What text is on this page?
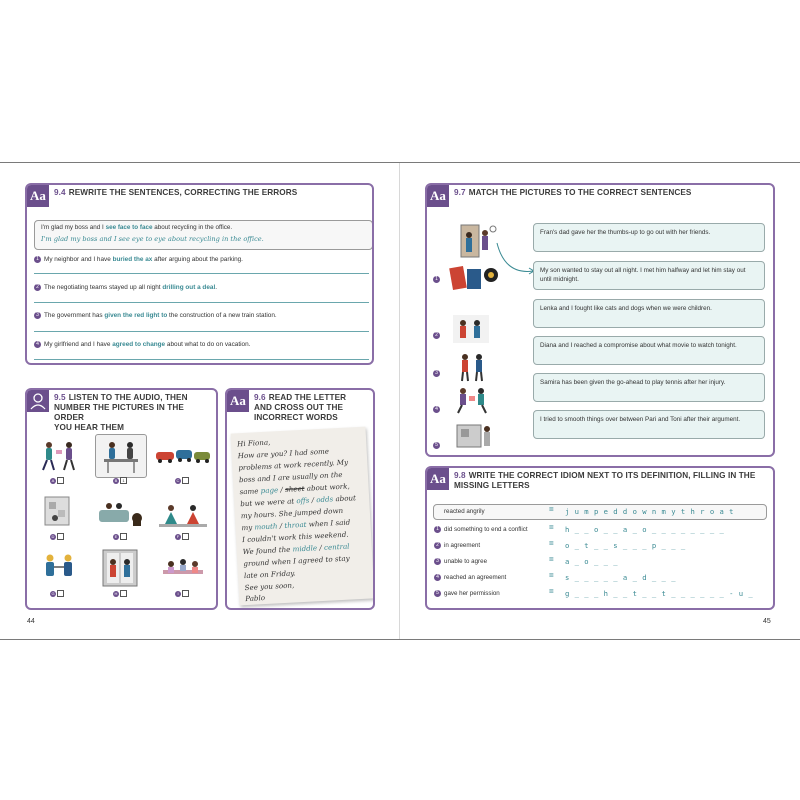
Aa 9.4 REWRITE THE SENTENCES, CORRECTING THE ERRORS
I'm glad my boss and I see face to face about recycling in the office.
I'm glad my boss and I see eye to eye about recycling in the office.
1 My neighbor and I have buried the ax after arguing about the parking.
2 The negotiating teams stayed up all night drilling out a deal.
3 The government has given the red light to the construction of a new train station.
4 My girlfriend and I have agreed to change about what to do on vacation.
9.5 LISTEN TO THE AUDIO, THEN
NUMBER THE PICTURES IN THE ORDER
YOU HEAR THEM
A	B 1	C
D	E	F
G	H	I
Aa 9.6 READ THE LETTER
AND CROSS OUT THE
INCORRECT WORDS
Hi Fiona,
How are you? I had some
problems at work recently. My
boss and I are usually on the
same page / sheet about work,
but we were at offs / odds about
my hours. She jumped down
my mouth / throat when I said
I couldn't work this weekend.
We found the middle / central
ground when I agreed to stay
late on Friday.
See you soon,
Pablo
44
Aa 9.7 MATCH THE PICTURES TO THE CORRECT SENTENCES
1
2
3
4
5
Fran's dad gave her the thumbs-up to go out with her friends.
My son wanted to stay out all night. I met him halfway and let him stay out until midnight.
Lenka and I fought like cats and dogs when we were children.
Diana and I reached a compromise about what movie to watch tonight.
Samira has been given the go-ahead to play tennis after her injury.
I tried to smooth things over between Pari and Toni after their argument.
Aa 9.8 WRITE THE CORRECT IDIOM NEXT TO ITS DEFINITION, FILLING IN THE
MISSING LETTERS
reacted angrily	= j u m p e d d o w n m y t h r o a t
1 did something to end a conflict	= h _ _ o _ _ a _ o _ _ _ _ _ _ _ _
2 in agreement	= o _ t _ _ s _ _ _ p _ _ _
3 unable to agree	= a _ o _ _ _
4 reached an agreement	= s _ _ _ _ _ a _ d _ _ _
5 gave her permission	= g _ _ _ h _ _ t _ _ t _ _ _ _ _ _ - u _
45
